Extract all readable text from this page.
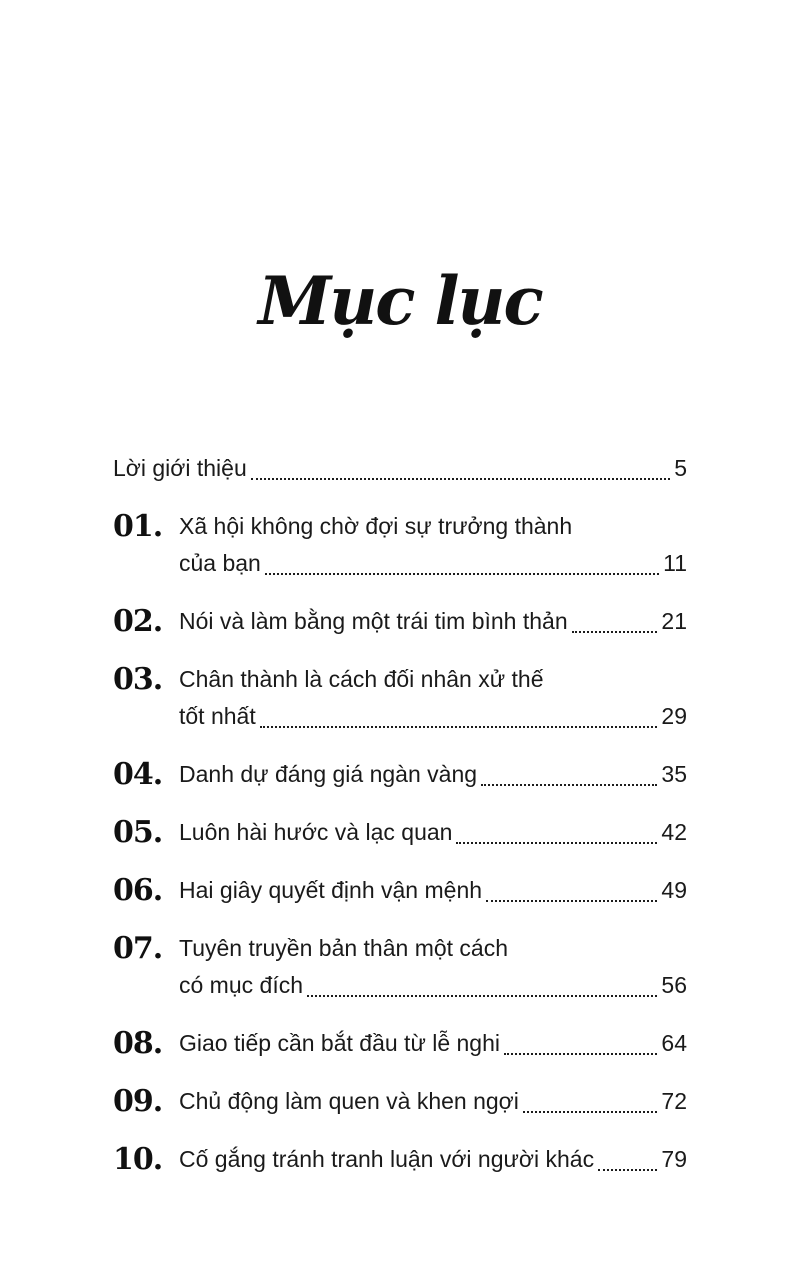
Mục lục
Lời giới thiệu	5
01. Xã hội không chờ đợi sự trưởng thành
của bạn	11
02. Nói và làm bằng một trái tim bình thản	21
03. Chân thành là cách đối nhân xử thế
tốt nhất	29
04. Danh dự đáng giá ngàn vàng	35
05. Luôn hài hước và lạc quan	42
06. Hai giây quyết định vận mệnh	49
07. Tuyên truyền bản thân một cách
có mục đích	56
08. Giao tiếp cần bắt đầu từ lễ nghi	64
09. Chủ động làm quen và khen ngợi	72
10. Cố gắng tránh tranh luận với người khác	79
